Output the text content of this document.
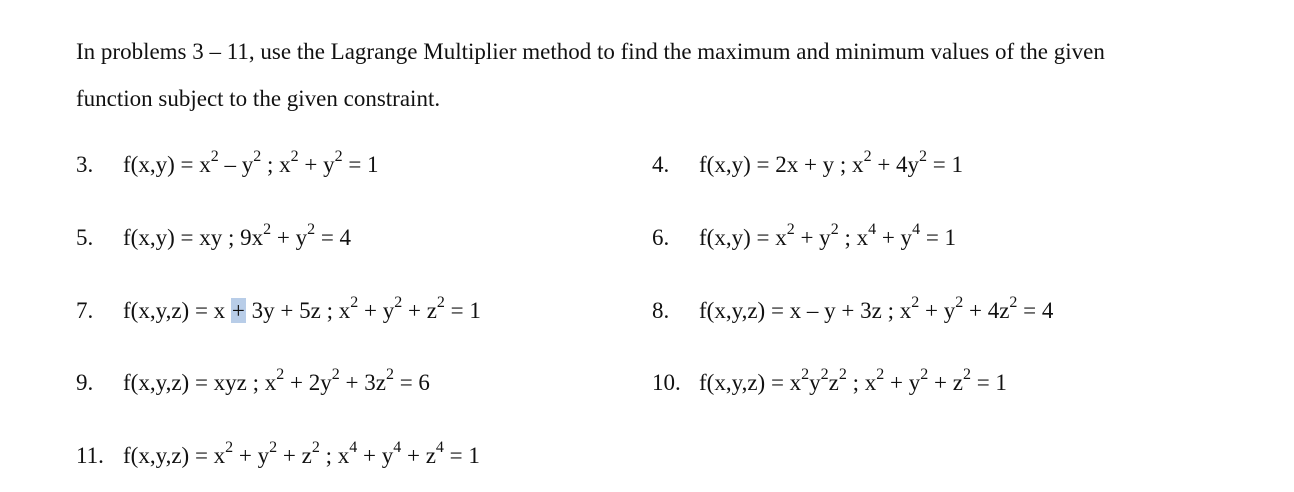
In problems 3 – 11, use the Lagrange Multiplier method to find the maximum and minimum values of the given
function subject to the given constraint.
3. $f(x,y) = x^2 - y^2$ ; $x^2 + y^2 = 1$	4. f(x,y) = 2x + y ; $x^2 + 4y^2 = 1$
5. f(x,y) = xy ; $9x^2 + y^2 = 4$	6. $f(x,y) = x^2 + y^2$ ; $x^4 + y^4 = 1$
7. f(x,y,z) = x + 3y + 5z ; $x^2 + y^2 + z^2 = 1$	8. f(x,y,z) = x – y + 3z ; $x^2 + y^2 + 4z^2 = 4$
9. f(x,y,z) = xyz ; $x^2 + 2y^2 + 3z^2 = 6$	10. $f(x,y,z) = x^2y^2z^2$ ; $x^2 + y^2 + z^2 = 1$
11. $f(x,y,z) = x^2 + y^2 + z^2$ ; $x^4 + y^4 + z^4 = 1$
